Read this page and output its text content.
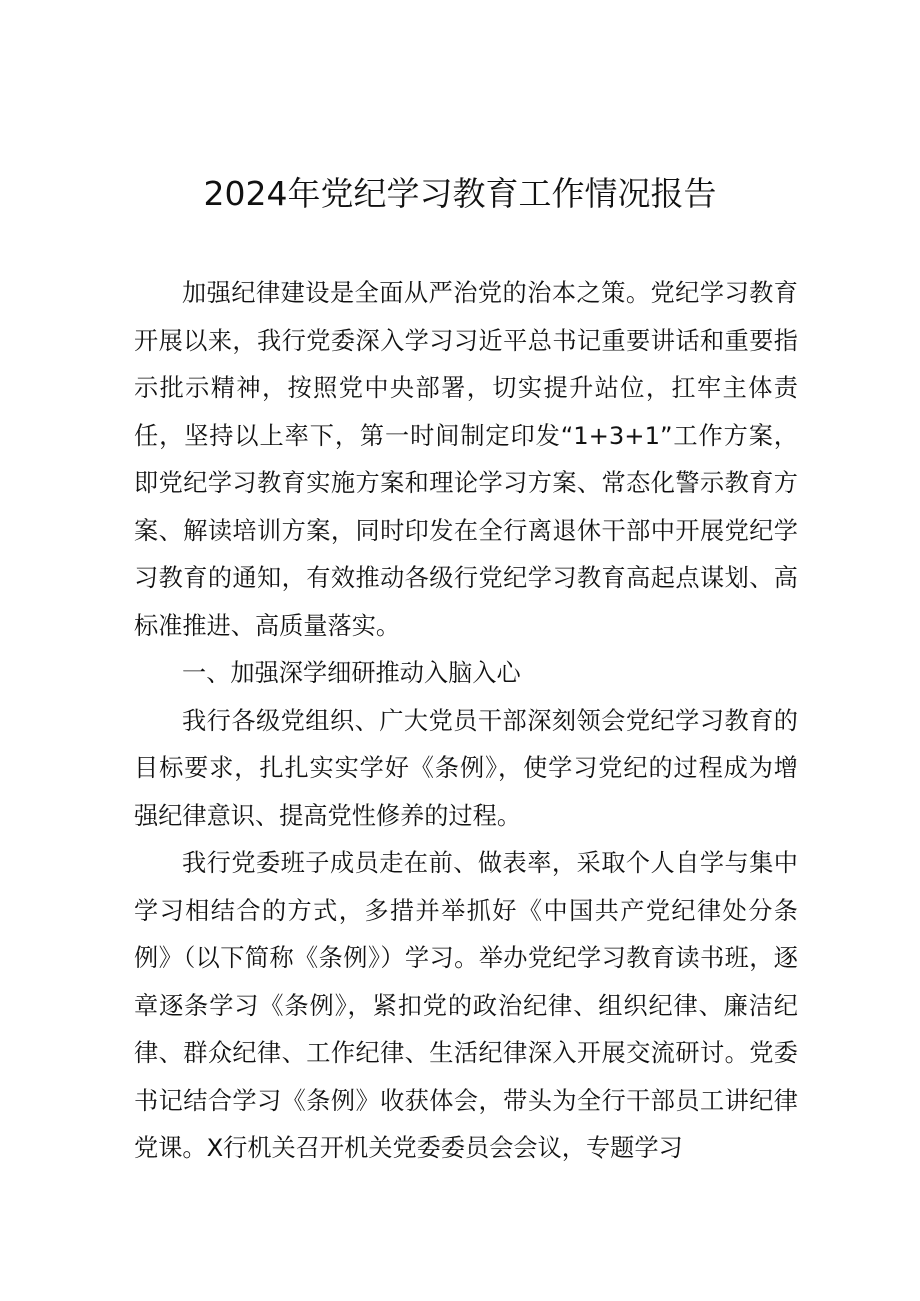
2024年党纪学习教育工作情况报告

加强纪律建设是全面从严治党的治本之策。党纪学习教育开展以来，我行党委深入学习习近平总书记重要讲话和重要指示批示精神，按照党中央部署，切实提升站位，扛牢主体责任，坚持以上率下，第一时间制定印发“1+3+1”工作方案，即党纪学习教育实施方案和理论学习方案、常态化警示教育方案、解读培训方案，同时印发在全行离退休干部中开展党纪学习教育的通知，有效推动各级行党纪学习教育高起点谋划、高标准推进、高质量落实。

一、加强深学细研推动入脑入心

我行各级党组织、广大党员干部深刻领会党纪学习教育的目标要求，扎扎实实学好《条例》，使学习党纪的过程成为增强纪律意识、提高党性修养的过程。

我行党委班子成员走在前、做表率，采取个人自学与集中学习相结合的方式，多措并举抓好《中国共产党纪律处分条例》（以下简称《条例》）学习。举办党纪学习教育读书班，逐章逐条学习《条例》，紧扣党的政治纪律、组织纪律、廉洁纪律、群众纪律、工作纪律、生活纪律深入开展交流研讨。党委书记结合学习《条例》收获体会，带头为全行干部员工讲纪律党课。X行机关召开机关党委委员会会议，专题学习
